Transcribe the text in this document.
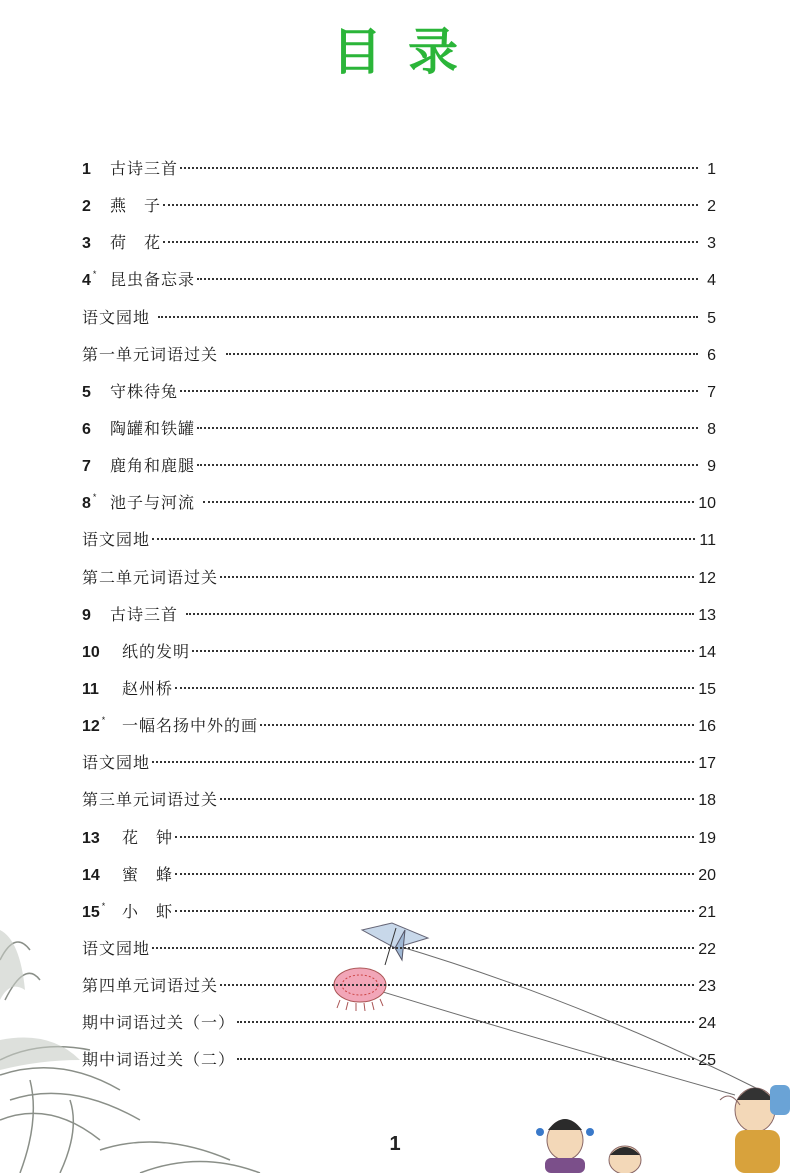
目录
1	古诗三首	1
2	燕　子	2
3	荷　花	3
4 * 昆虫备忘录	4
语文园地	5
第一单元词语过关	6
5	守株待兔	7
6	陶罐和铁罐	8
7	鹿角和鹿腿	9
8 * 池子与河流	10
语文园地	11
第二单元词语过关	12
9	古诗三首	13
10	纸的发明	14
11	赵州桥	15
12 * 一幅名扬中外的画	16
语文园地	17
第三单元词语过关	18
13	花　钟	19
14	蜜　蜂	20
15 * 小　虾	21
语文园地	22
第四单元词语过关	23
期中词语过关（一）	24
期中词语过关（二）	25
1
